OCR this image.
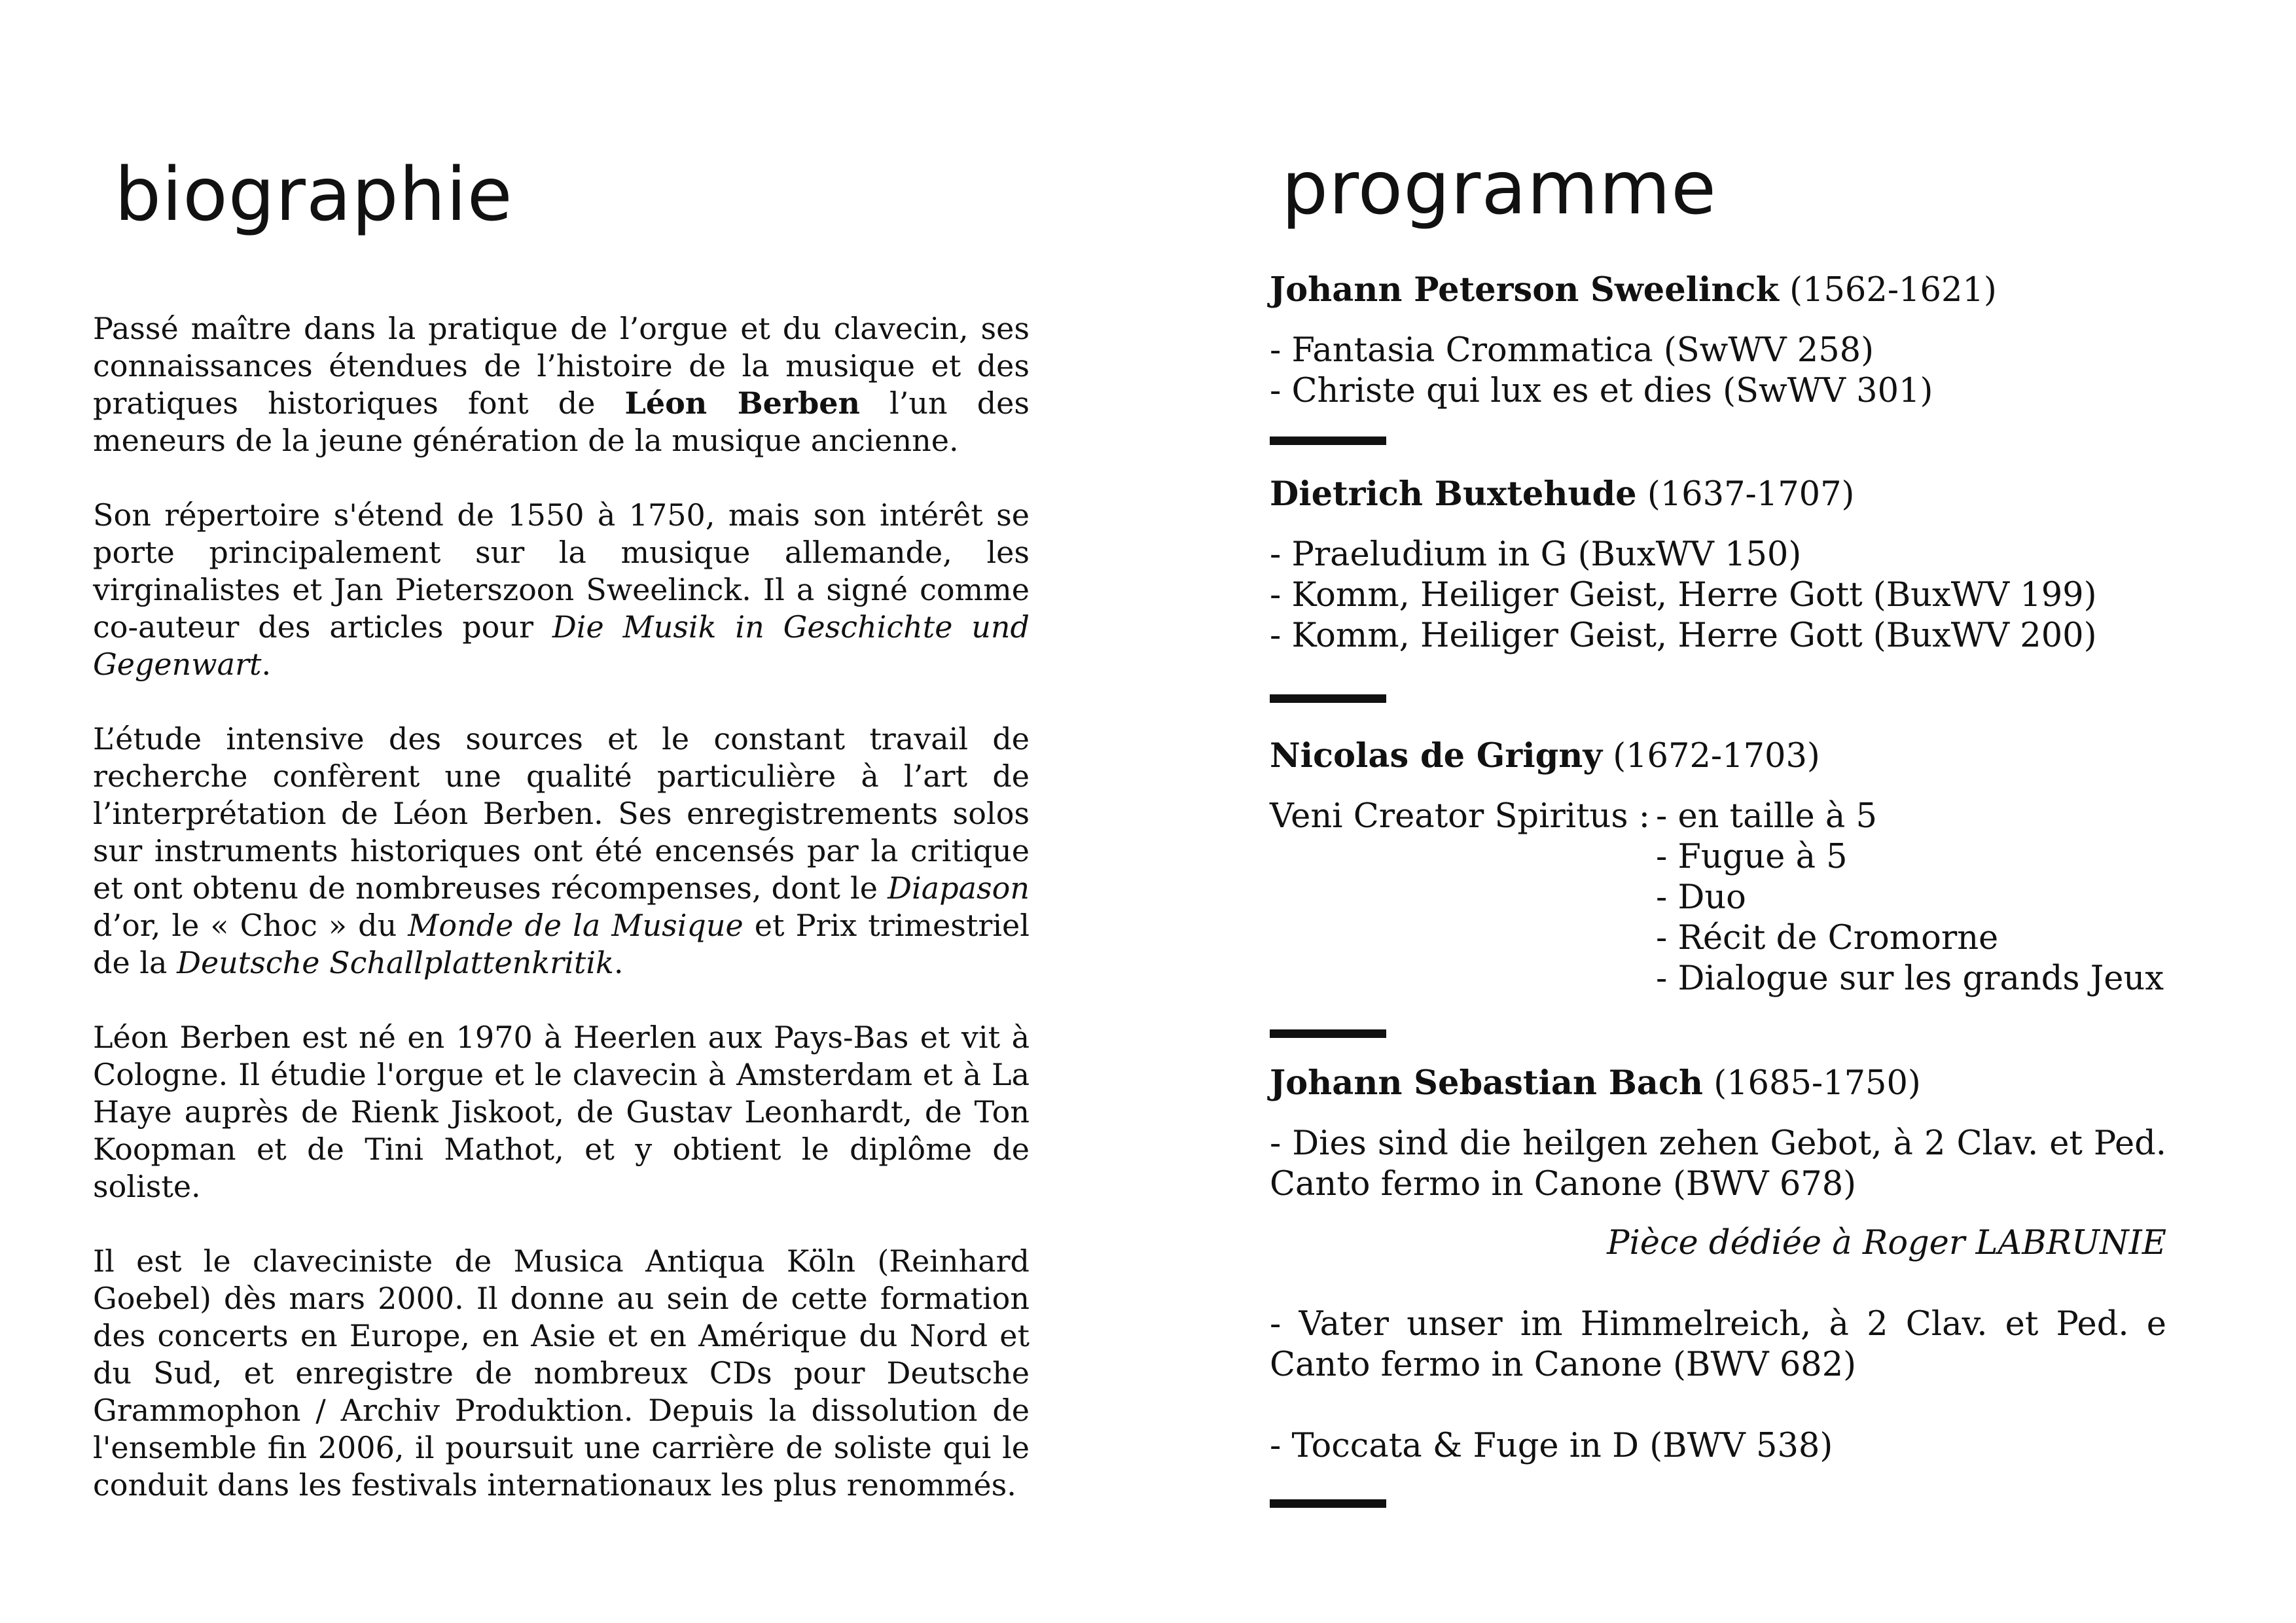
biographie

Passé maître dans la pratique de l’orgue et du clavecin, ses connaissances étendues de l’histoire de la musique et des pratiques historiques font de Léon Berben l’un des meneurs de la jeune génération de la musique ancienne.

Son répertoire s'étend de 1550 à 1750, mais son intérêt se porte principalement sur la musique allemande, les virginalistes et Jan Pieterszoon Sweelinck. Il a signé comme co-auteur des articles pour Die Musik in Geschichte und Gegenwart.

L’étude intensive des sources et le constant travail de recherche confèrent une qualité particulière à l’art de l’interprétation de Léon Berben. Ses enregistrements solos sur instruments historiques ont été encensés par la critique et ont obtenu de nombreuses récompenses, dont le Diapason d’or, le « Choc » du Monde de la Musique et Prix trimestriel de la Deutsche Schallplattenkritik.

Léon Berben est né en 1970 à Heerlen aux Pays-Bas et vit à Cologne. Il étudie l'orgue et le clavecin à Amsterdam et à La Haye auprès de Rienk Jiskoot, de Gustav Leonhardt, de Ton Koopman et de Tini Mathot, et y obtient le diplôme de soliste.

Il est le claveciniste de Musica Antiqua Köln (Reinhard Goebel) dès mars 2000. Il donne au sein de cette formation des concerts en Europe, en Asie et en Amérique du Nord et du Sud, et enregistre de nombreux CDs pour Deutsche Grammophon / Archiv Produktion. Depuis la dissolution de l'ensemble fin 2006, il poursuit une carrière de soliste qui le conduit dans les festivals internationaux les plus renommés.

programme

Johann Peterson Sweelinck (1562-1621)

- Fantasia Crommatica (SwWV 258)

- Christe qui lux es et dies (SwWV 301)

Dietrich Buxtehude (1637-1707)

- Praeludium in G (BuxWV 150)

- Komm, Heiliger Geist, Herre Gott (BuxWV 199)

- Komm, Heiliger Geist, Herre Gott (BuxWV 200)

Nicolas de Grigny (1672-1703)

Veni Creator Spiritus : - en taille à 5

- Fugue à 5

- Duo

- Récit de Cromorne

- Dialogue sur les grands Jeux

Johann Sebastian Bach (1685-1750)

- Dies sind die heilgen zehen Gebot, à 2 Clav. et Ped. Canto fermo in Canone (BWV 678)

Pièce dédiée à Roger LABRUNIE

- Vater unser im Himmelreich, à 2 Clav. et Ped. e Canto fermo in Canone (BWV 682)

- Toccata & Fuge in D (BWV 538)
